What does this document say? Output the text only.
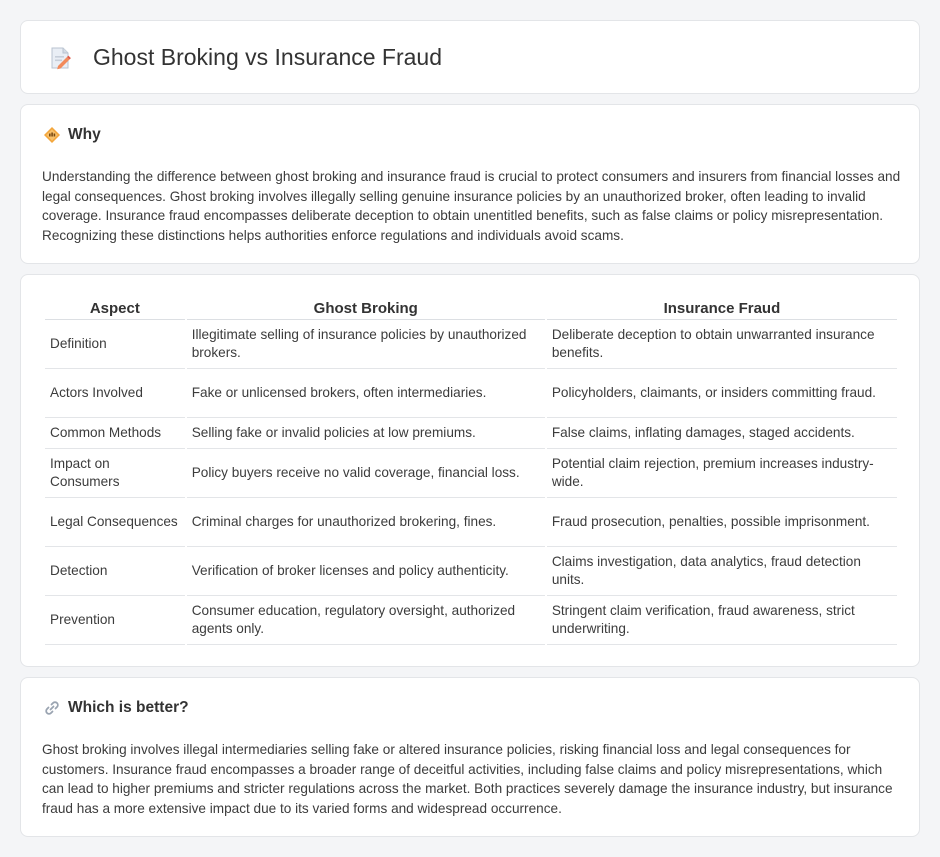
Ghost Broking vs Insurance Fraud
Why

Understanding the difference between ghost broking and insurance fraud is crucial to protect consumers and insurers from financial losses and legal consequences. Ghost broking involves illegally selling genuine insurance policies by an unauthorized broker, often leading to invalid coverage. Insurance fraud encompasses deliberate deception to obtain unentitled benefits, such as false claims or policy misrepresentation. Recognizing these distinctions helps authorities enforce regulations and individuals avoid scams.

Aspect	Ghost Broking	Insurance Fraud
Definition	Illegitimate selling of insurance policies by unauthorized brokers.	Deliberate deception to obtain unwarranted insurance benefits.
Actors Involved	Fake or unlicensed brokers, often intermediaries.	Policyholders, claimants, or insiders committing fraud.
Common Methods	Selling fake or invalid policies at low premiums.	False claims, inflating damages, staged accidents.
Impact on Consumers	Policy buyers receive no valid coverage, financial loss.	Potential claim rejection, premium increases industry-wide.
Legal Consequences	Criminal charges for unauthorized brokering, fines.	Fraud prosecution, penalties, possible imprisonment.
Detection	Verification of broker licenses and policy authenticity.	Claims investigation, data analytics, fraud detection units.
Prevention	Consumer education, regulatory oversight, authorized agents only.	Stringent claim verification, fraud awareness, strict underwriting.
Which is better?

Ghost broking involves illegal intermediaries selling fake or altered insurance policies, risking financial loss and legal consequences for customers. Insurance fraud encompasses a broader range of deceitful activities, including false claims and policy misrepresentations, which can lead to higher premiums and stricter regulations across the market. Both practices severely damage the insurance industry, but insurance fraud has a more extensive impact due to its varied forms and widespread occurrence.
